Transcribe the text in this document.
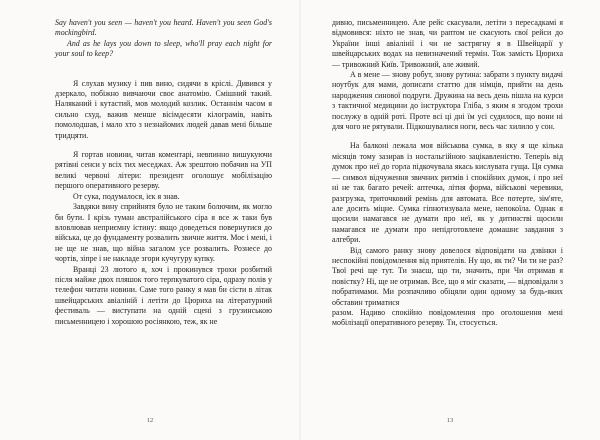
Say haven't you seen — haven't you heard. Haven't you seen God's mockingbird.

And as he lays you down to sleep, who'll pray each night for your soul to keep?

Я слухав музику і пив вино, сидячи в кріслі. Дивився у дзеркало, побіжно вивчаючи своє анатомію. Смішний такий. Наляканий і кутастий, мов молодий козлик. Останнім часом я сильно схуд, важив менше вісімдесяти кілограмів, навіть помолодшав, і мало хто з незнайомих людей давав мені більше тридцяти.

Я гортав новини, читав коментарі, невпинно вишукуючи рятівні сенси у всіх тих меседжах. Аж зрештою побачив на УП великі червоні літери: президент оголошує мобілізацію першого оперативного резерву.

От сука, подумалося, ієк я знав.

Завдяки вину сприйнятя було не таким болючим, як могло би бути. І крізь туман австралійського сіра я все ж таки був вловлював неприємну істину: якщо доведеться повернутися до війська, це до фундаменту розвалить звичне життя. Моє і мені, і не ще не знав, що війна загалом усе розвалить. Рознесе до чортів, зіпре і не накладе згори кучугуру купку.

Вранці 23 лютого я, хоч і прокинувся трохи розбитий після майже двох пляшок того терпкуватого сіра, одразу полів у телефон читати новини. Саме того ранку я мав би сісти в літак швейцарських авіаліній і летіти до Цюриха на літературний фестиваль — виступати на одній сцені з грузинською письменницею і хорошою росіянкою, теж, як не

12

дивно, письменницею. Але рейс скасували, летіти з пересадкамі я відмовився: ніхто не знав, чи раптом не скасують свої рейси до України інші авіалінії і чи не застрягну я в Швейцарії у швейцарських водах на невизначений термін. Тож замість Цюриха — тривожний Київ. Тривожний, але живий.

А в мене — знову робут, знову рутина: забрати з пункту видачі ноутбук для мами, дописати статтю для німців, прийти на день народження синової подруги. Дружина на весь день пішла на курси з тактичної медицини до інструктора Гліба, з яким я згодом трохи послужу в одній роті. Проте всі ці дні їм усі судилося, що вони ні для чого не рятували. Підкошувалися ноги, весь час хилило у сон.

На балконі лежала моя військова сумка, в яку я ще кілька місяців тому зазирав із ностальгійною зацікавленістю. Теперіь від думок про неї до горла підкочувала якась кислувата гуща. Ця сумка — символ відчуження звичних ритмів і спокійних думок, і про неї ні не так багато речей: аптечка, літня форма, військові черевики, разгрузка, триточковий ремінь для автомата. Все потерте, зім'яте, але досить міцне. Сумка гіпнотизувала мене, непокоїла. Однак я щосили намагався не думати про неї, як у дитинстві щосили намагався не думати про непідготовлене домашнє завдання з алгебри.

Від самого ранку знову довелося відповідати на дзвінки і неспокійні повідомлення від приятелів. Ну що, як ти? Чи ти не раз? Твої речі ще тут. Ти знаєш, що ти, значить, при Чи отримав я повістку? Ні, ще не отримав. Все, що я міг сказати, — відповідали з побратимами. Ми розпачливо обіцяли один одному за будь-яких обставин триматися

разом. Надиво спокійно повідомлення про оголошення мені мобілізації оперативного резерву. Ти, стосується.

13
